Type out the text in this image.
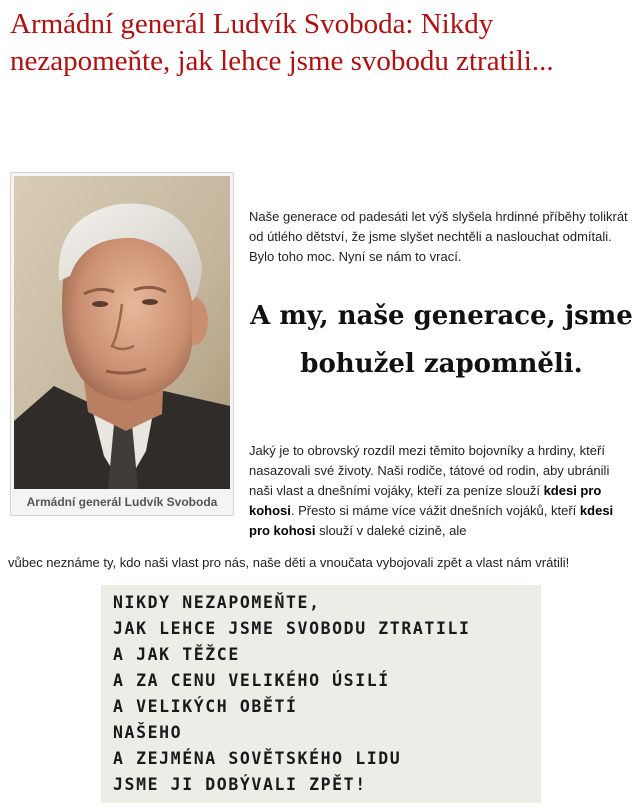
Armádní generál Ludvík Svoboda: Nikdy nezapomeňte, jak lehce jsme svobodu ztratili...
Armádní generál Ludvík Svoboda

Naše generace od padesáti let výš slyšela hrdinné příběhy tolikrát od útlého dětství, že jsme slyšet nechtěli a naslouchat odmítali. Bylo toho moc. Nyní se nám to vrací.

A my, naše generace, jsme bohužel zapomněli.

Jaký je to obrovský rozdíl mezi těmito bojovníky a hrdiny, kteří nasazovali své životy. Naši rodiče, tátové od rodin, aby ubránili naši vlast a dnešními vojáky, kteří za peníze slouží kdesi pro kohosi. Přesto si máme více vážit dnešních vojáků, kteří kdesi pro kohosi slouží v daleké cizině, ale

vůbec neznáme ty, kdo naši vlast pro nás, naše děti a vnoučata vybojovali zpět a vlast nám vrátili!

NIKDY NEZAPOMEŇTE,
JAK LEHCE JSME SVOBODU ZTRATILI
A JAK TĚŽCE
A ZA CENU VELIKÉHO ÚSILÍ
A VELIKÝCH OBĚTÍ
NAŠEHO
A ZEJMÉNA SOVĚTSKÉHO LIDU
JSME JI DOBÝVALI ZPĚT!
